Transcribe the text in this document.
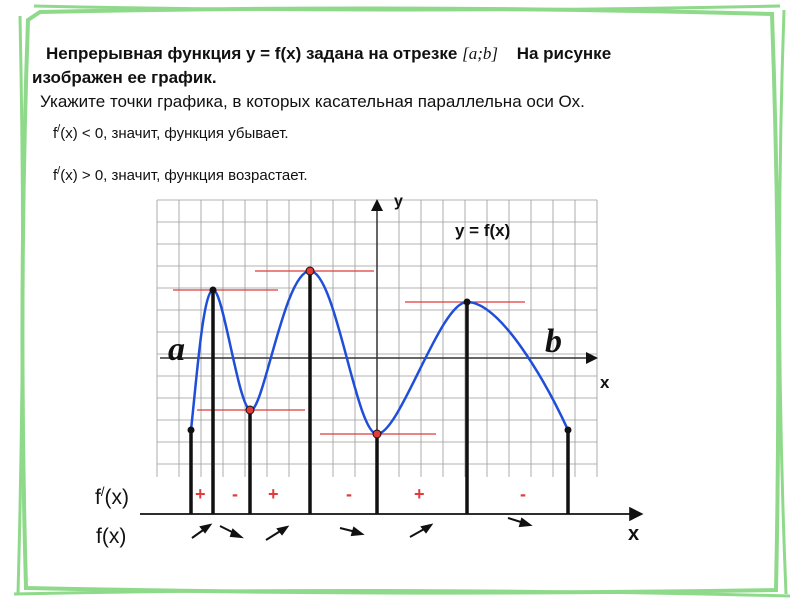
Непрерывная функция y = f(x) задана на отрезке [a;b] На рисунке
изображен ее график.
Укажите точки графика, в которых касательная параллельна оси Ох.
f/(x) < 0, значит, функция убывает.
f/(x) > 0, значит, функция возрастает.
y
x
y = f(x)
a	b
x
f/(x)
f(x)
+ - +	-	+	-
